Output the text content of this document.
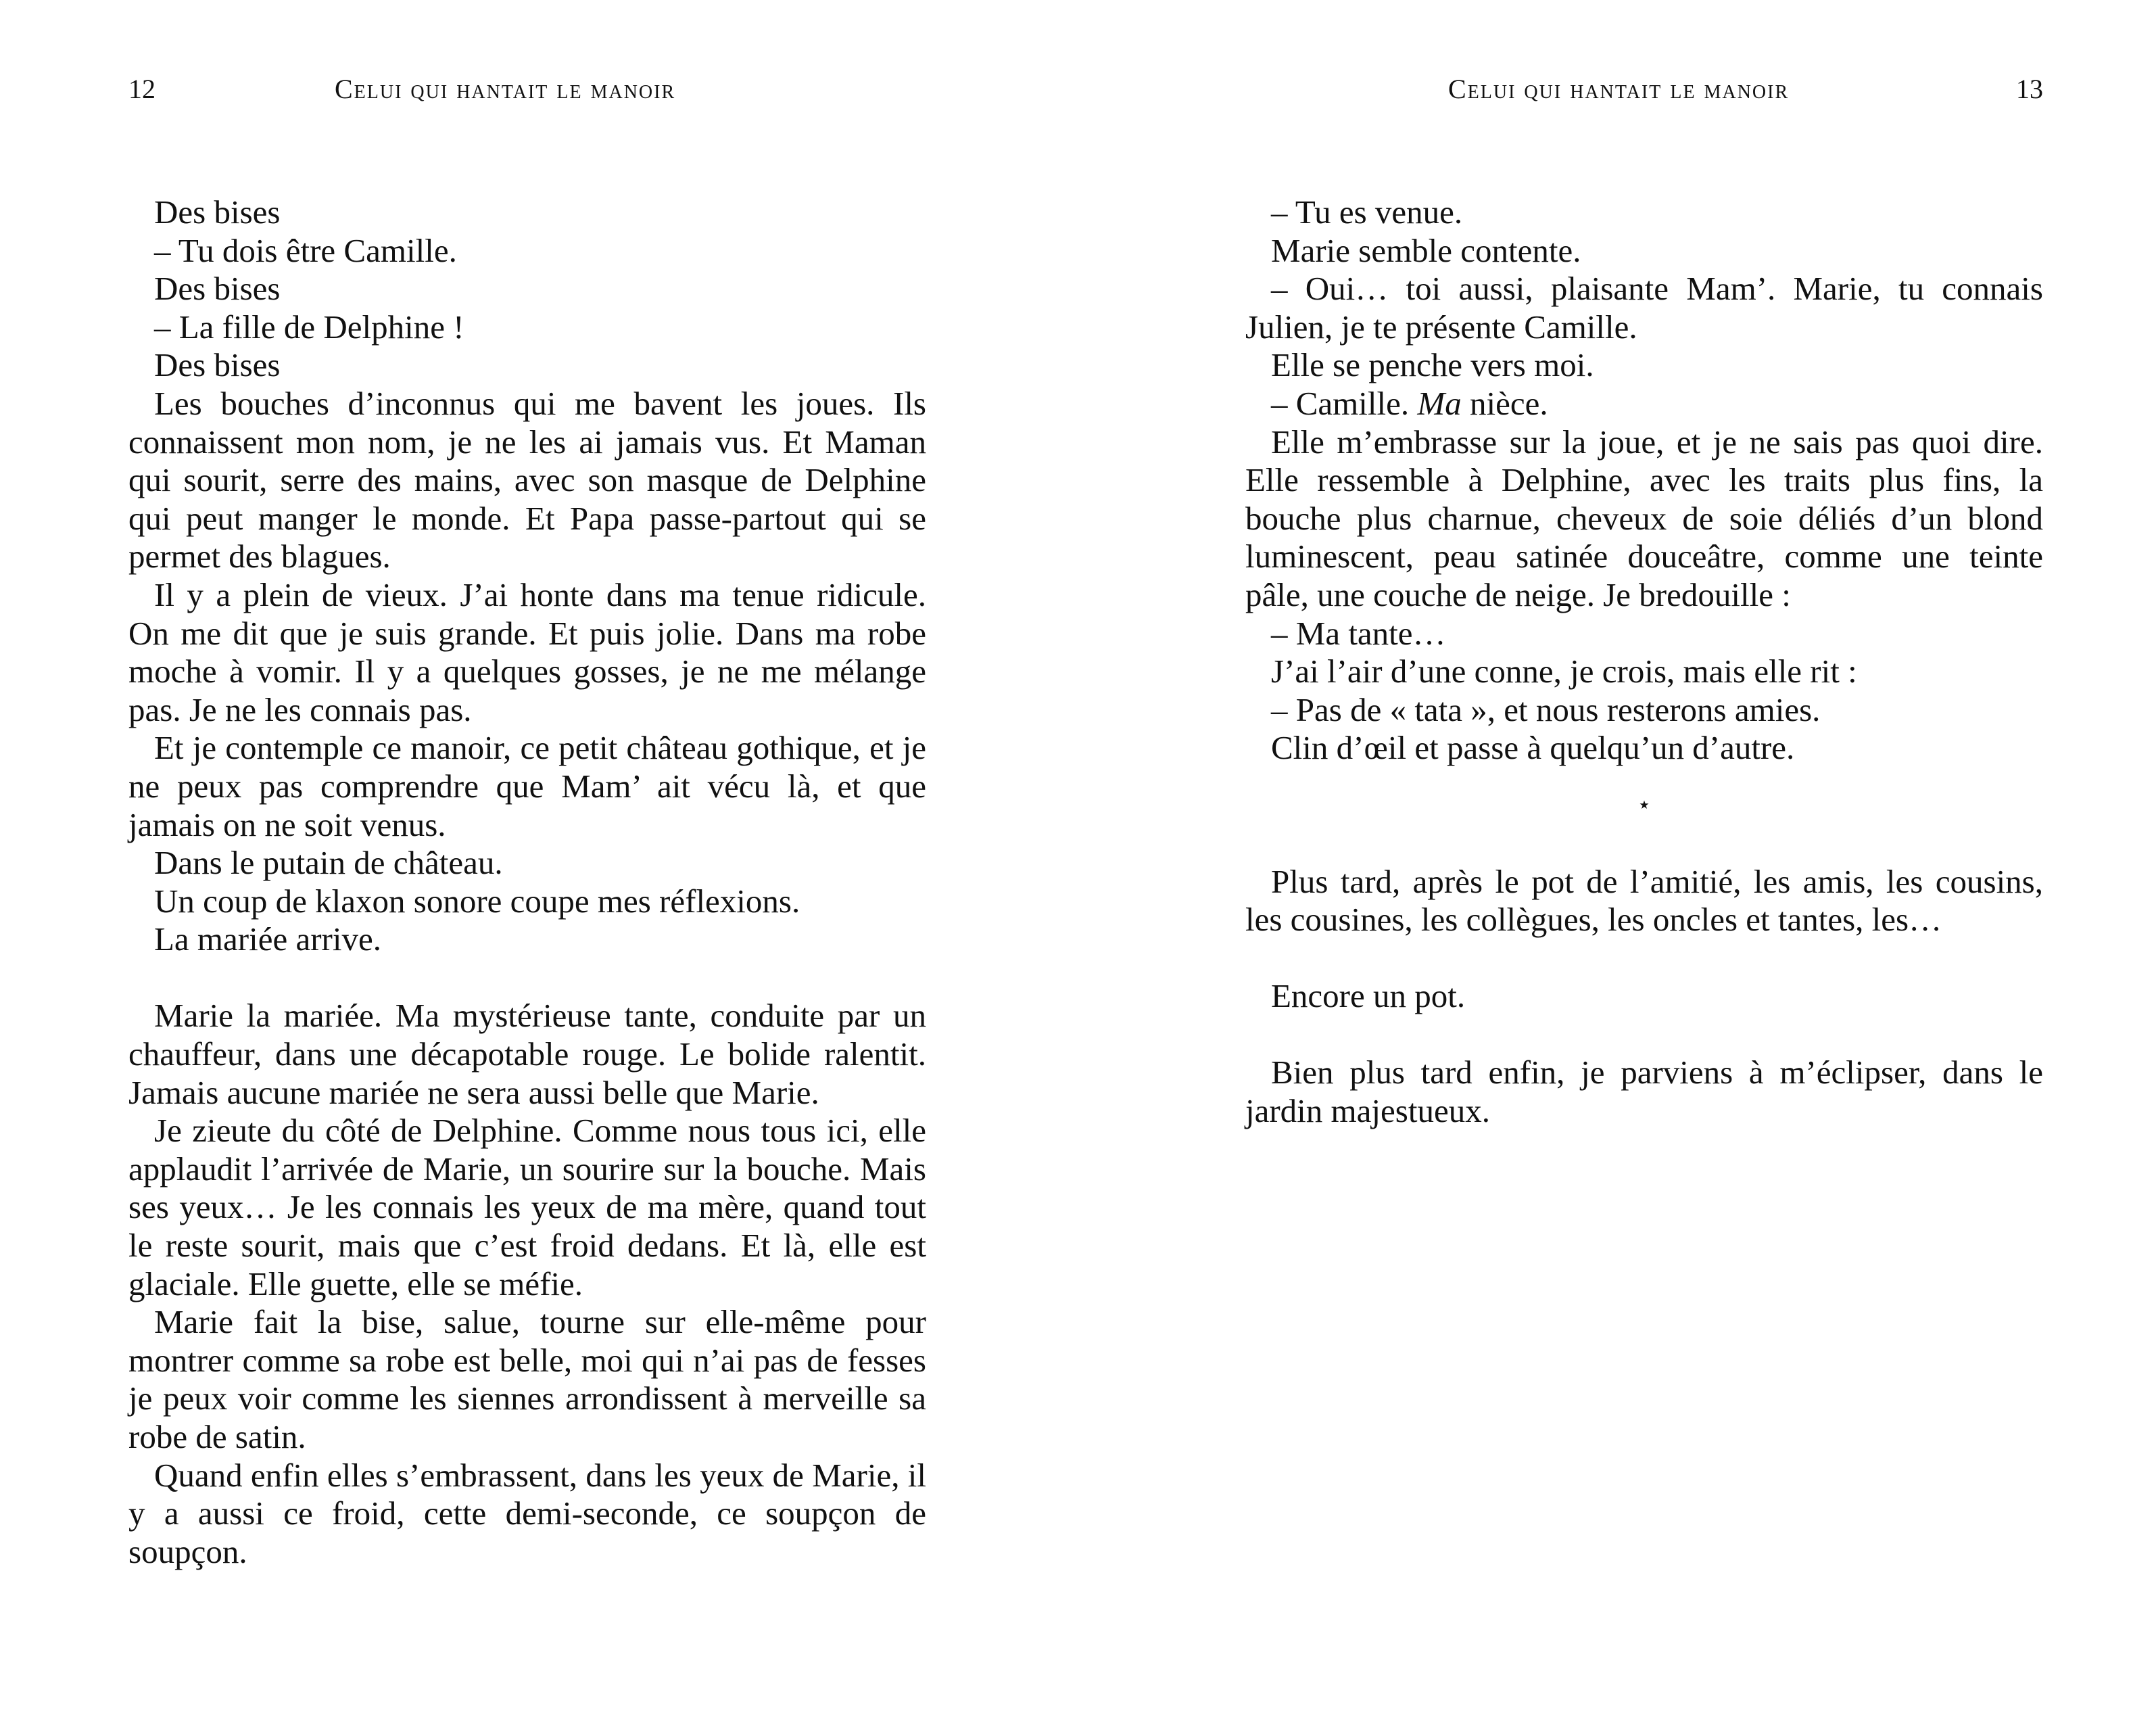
12	Celui qui hantait le manoir

Des bises

– Tu dois être Camille.

Des bises

– La fille de Delphine !

Des bises

Les bouches d’inconnus qui me bavent les joues. Ils connaissent mon nom, je ne les ai jamais vus. Et Maman qui sourit, serre des mains, avec son masque de Delphine qui peut manger le monde. Et Papa passe-partout qui se permet des blagues.

Il y a plein de vieux. J’ai honte dans ma tenue ridicule. On me dit que je suis grande. Et puis jolie. Dans ma robe moche à vomir. Il y a quelques gosses, je ne me mélange pas. Je ne les connais pas.

Et je contemple ce manoir, ce petit château gothique, et je ne peux pas comprendre que Mam’ ait vécu là, et que jamais on ne soit venus.

Dans le putain de château.

Un coup de klaxon sonore coupe mes réflexions.

La mariée arrive.

Marie la mariée. Ma mystérieuse tante, conduite par un chauffeur, dans une décapotable rouge. Le bolide ralentit. Jamais aucune mariée ne sera aussi belle que Marie.

Je zieute du côté de Delphine. Comme nous tous ici, elle applaudit l’arrivée de Marie, un sourire sur la bouche. Mais ses yeux… Je les connais les yeux de ma mère, quand tout le reste sourit, mais que c’est froid dedans. Et là, elle est glaciale. Elle guette, elle se méfie.

Marie fait la bise, salue, tourne sur elle-même pour montrer comme sa robe est belle, moi qui n’ai pas de fesses je peux voir comme les siennes arrondissent à merveille sa robe de satin.

Quand enfin elles s’embrassent, dans les yeux de Marie, il y a aussi ce froid, cette demi-seconde, ce soupçon de soupçon.

Celui qui hantait le manoir	13

– Tu es venue.

Marie semble contente.

– Oui… toi aussi, plaisante Mam’. Marie, tu connais Julien, je te présente Camille.

Elle se penche vers moi.

– Camille. Ma nièce.

Elle m’embrasse sur la joue, et je ne sais pas quoi dire. Elle ressemble à Delphine, avec les traits plus fins, la bouche plus charnue, cheveux de soie déliés d’un blond luminescent, peau satinée douceâtre, comme une teinte pâle, une couche de neige. Je bredouille :

– Ma tante…

J’ai l’air d’une conne, je crois, mais elle rit :

– Pas de « tata », et nous resterons amies.

Clin d’œil et passe à quelqu’un d’autre.

⋆

Plus tard, après le pot de l’amitié, les amis, les cousins, les cousines, les collègues, les oncles et tantes, les…

Encore un pot.

Bien plus tard enfin, je parviens à m’éclipser, dans le jardin majestueux.
